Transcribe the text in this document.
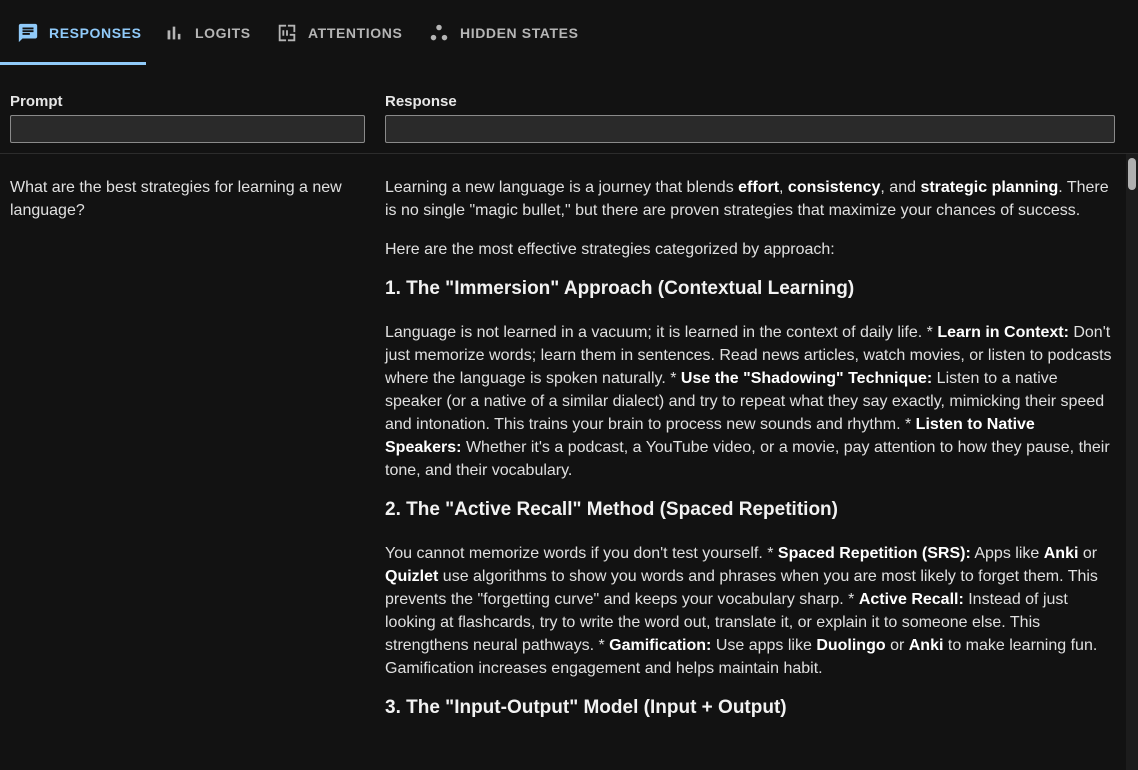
RESPONSES	LOGITS	ATTENTIONS	HIDDEN STATES
Prompt	Response
What are the best strategies for learning a new language?

Learning a new language is a journey that blends effort, consistency, and strategic planning. There is no single "magic bullet," but there are proven strategies that maximize your chances of success.

Here are the most effective strategies categorized by approach:

1. The "Immersion" Approach (Contextual Learning)

Language is not learned in a vacuum; it is learned in the context of daily life. * Learn in Context: Don't just memorize words; learn them in sentences. Read news articles, watch movies, or listen to podcasts where the language is spoken naturally. * Use the "Shadowing" Technique: Listen to a native speaker (or a native of a similar dialect) and try to repeat what they say exactly, mimicking their speed and intonation. This trains your brain to process new sounds and rhythm. * Listen to Native Speakers: Whether it's a podcast, a YouTube video, or a movie, pay attention to how they pause, their tone, and their vocabulary.

2. The "Active Recall" Method (Spaced Repetition)

You cannot memorize words if you don't test yourself. * Spaced Repetition (SRS): Apps like Anki or Quizlet use algorithms to show you words and phrases when you are most likely to forget them. This prevents the "forgetting curve" and keeps your vocabulary sharp. * Active Recall: Instead of just looking at flashcards, try to write the word out, translate it, or explain it to someone else. This strengthens neural pathways. * Gamification: Use apps like Duolingo or Anki to make learning fun. Gamification increases engagement and helps maintain habit.

3. The "Input-Output" Model (Input + Output)
